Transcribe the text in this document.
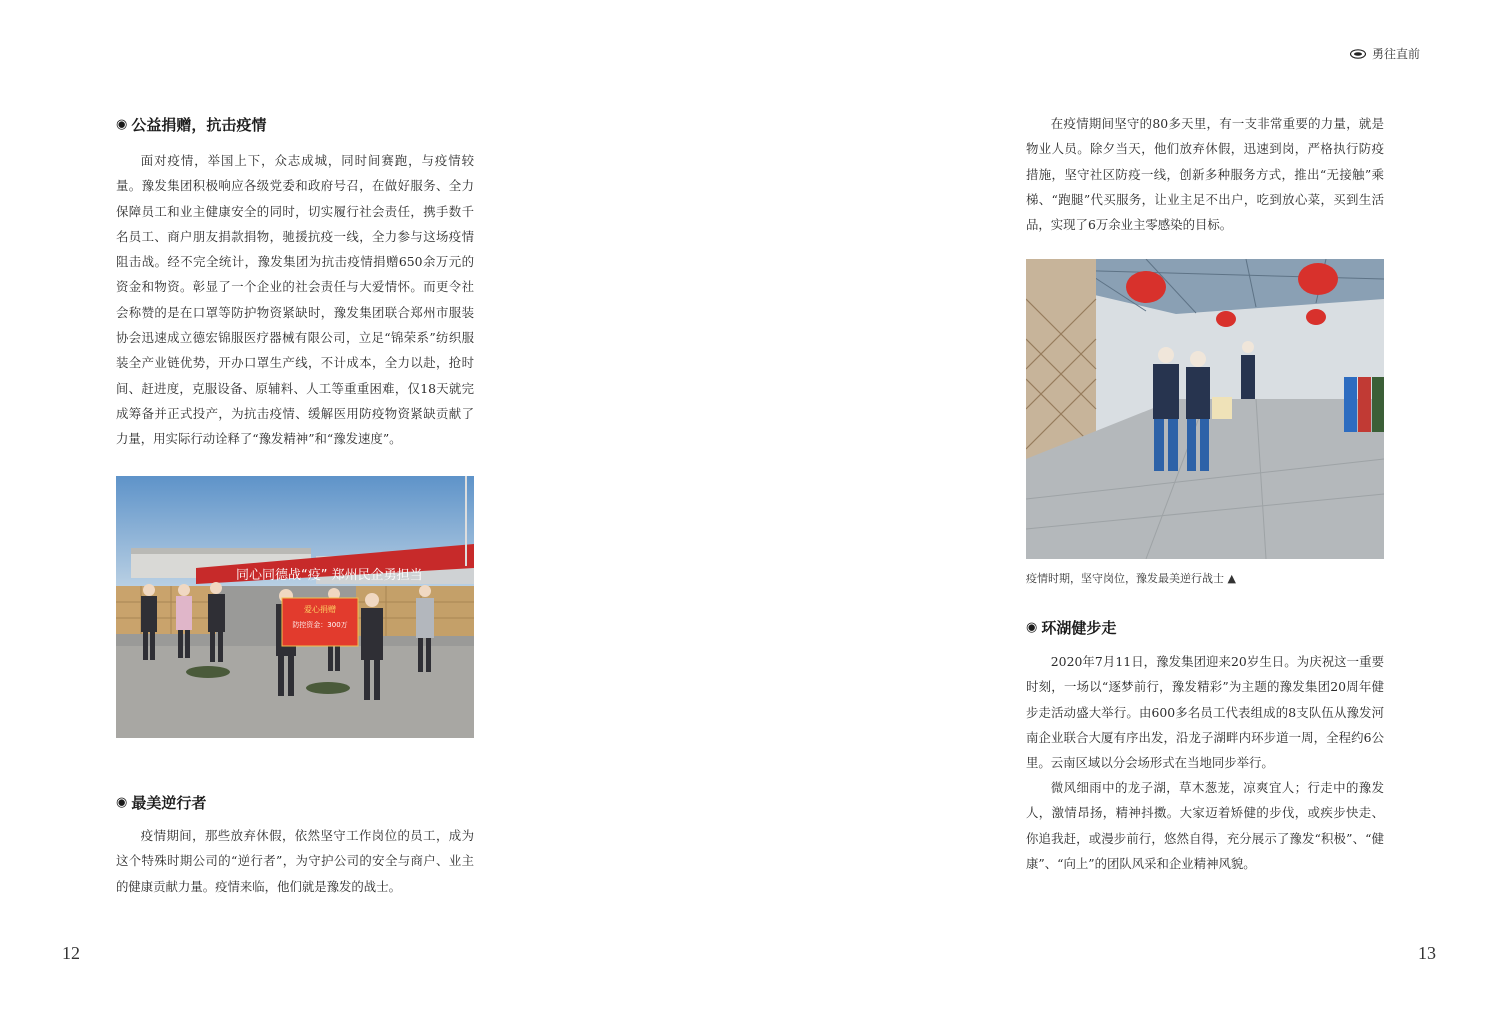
◉ 公益捐赠，抗击疫情

面对疫情，举国上下，众志成城，同时间赛跑，与疫情较量。豫发集团积极响应各级党委和政府号召，在做好服务、全力保障员工和业主健康安全的同时，切实履行社会责任，携手数千名员工、商户朋友捐款捐物，驰援抗疫一线，全力参与这场疫情阻击战。经不完全统计，豫发集团为抗击疫情捐赠650余万元的资金和物资。彰显了一个企业的社会责任与大爱情怀。而更令社会称赞的是在口罩等防护物资紧缺时，豫发集团联合郑州市服装协会迅速成立德宏锦服医疗器械有限公司，立足“锦荣系”纺织服装全产业链优势，开办口罩生产线，不计成本，全力以赴，抢时间、赶进度，克服设备、原辅料、人工等重重困难，仅18天就完成筹备并正式投产，为抗击疫情、缓解医用防疫物资紧缺贡献了力量，用实际行动诠释了“豫发精神”和“豫发速度”。

同心同德战“疫” 郑州民企勇担当
爱心捐赠
防控资金：300万
◉ 最美逆行者

疫情期间，那些放弃休假，依然坚守工作岗位的员工，成为这个特殊时期公司的“逆行者”，为守护公司的安全与商户、业主的健康贡献力量。疫情来临，他们就是豫发的战士。

12
勇往直前

在疫情期间坚守的80多天里，有一支非常重要的力量，就是物业人员。除夕当天，他们放弃休假，迅速到岗，严格执行防疫措施，坚守社区防疫一线，创新多种服务方式，推出“无接触”乘梯、“跑腿”代买服务，让业主足不出户，吃到放心菜，买到生活品，实现了6万余业主零感染的目标。

疫情时期，坚守岗位，豫发最美逆行战士 ▲
◉ 环湖健步走

2020年7月11日，豫发集团迎来20岁生日。为庆祝这一重要时刻，一场以“逐梦前行，豫发精彩”为主题的豫发集团20周年健步走活动盛大举行。由600多名员工代表组成的8支队伍从豫发河南企业联合大厦有序出发，沿龙子湖畔内环步道一周，全程约6公里。云南区域以分会场形式在当地同步举行。

微风细雨中的龙子湖，草木葱茏，凉爽宜人；行走中的豫发人，激情昂扬，精神抖擞。大家迈着矫健的步伐，或疾步快走、你追我赶，或漫步前行，悠然自得，充分展示了豫发“积极”、“健康”、“向上”的团队风采和企业精神风貌。

13
